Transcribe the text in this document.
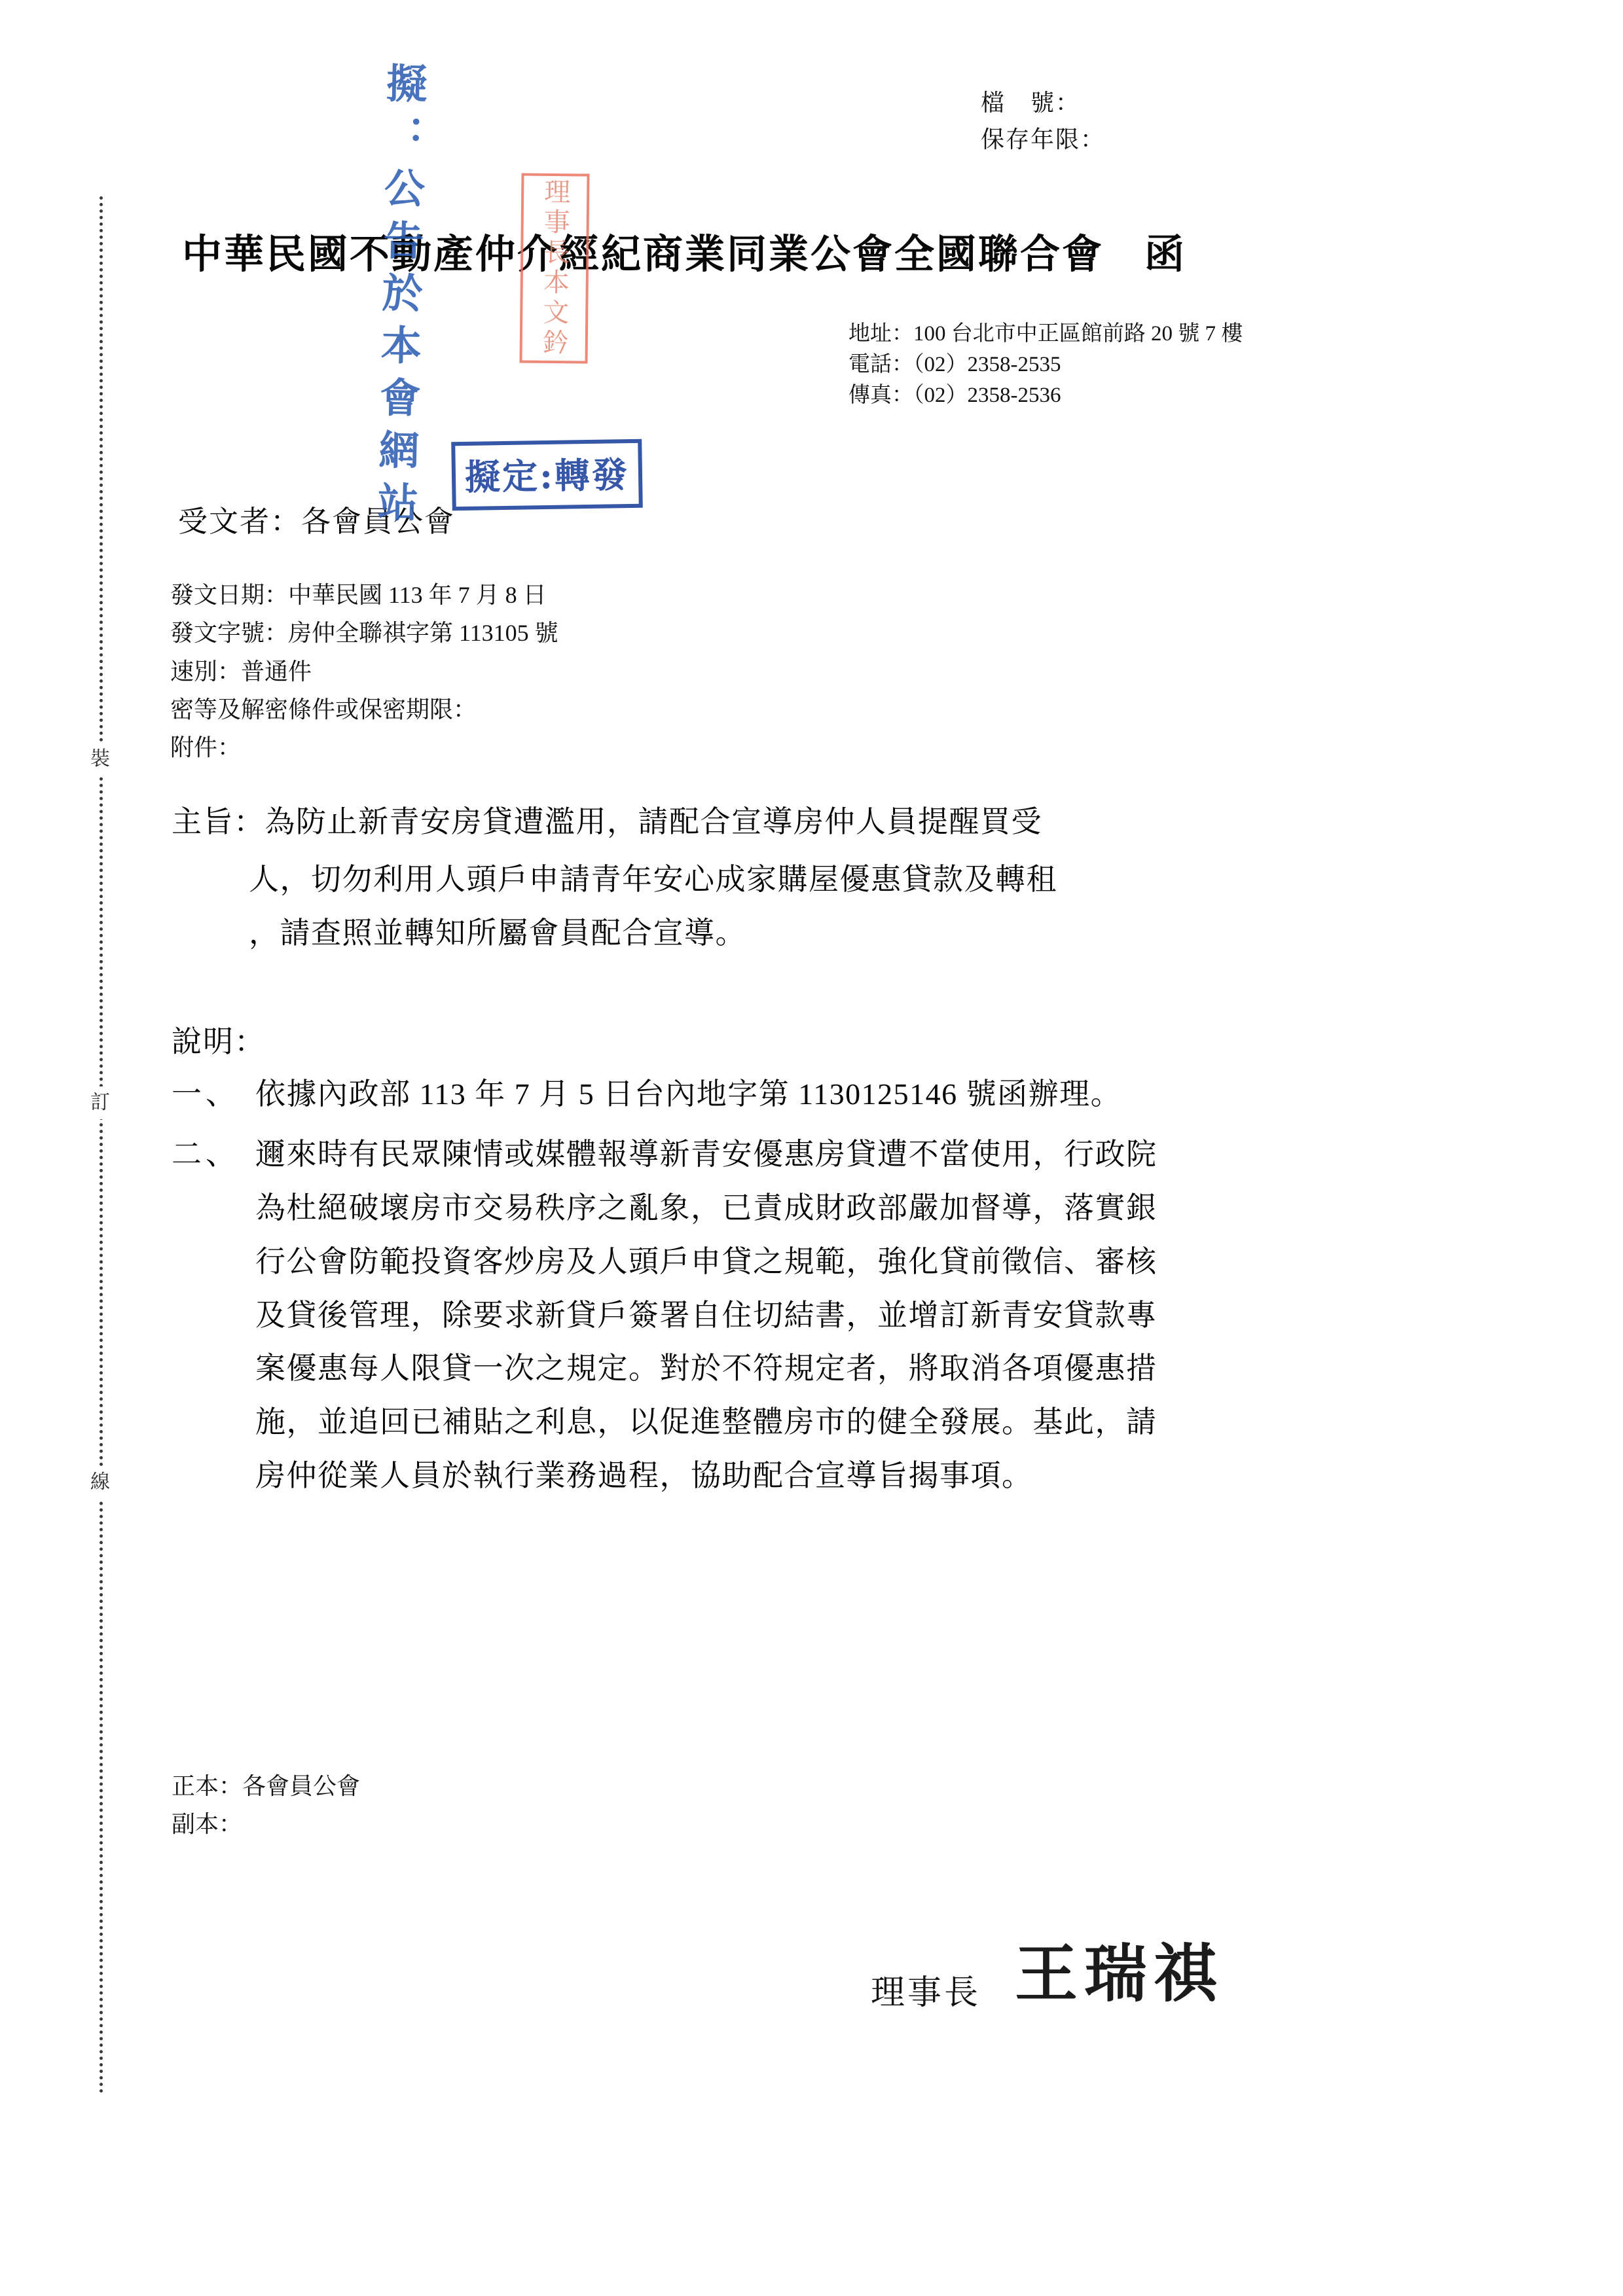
裝
訂
線
檔　號：
保存年限：
中華民國不動產仲介經紀商業同業公會全國聯合會 函
地址：100 台北市中正區館前路 20 號 7 樓
電話：（02）2358-2535
傳真：（02）2358-2536
受文者：各會員公會
發文日期：中華民國 113 年 7 月 8 日
發文字號：房仲全聯祺字第 113105 號
速別：普通件
密等及解密條件或保密期限：
附件：
主旨：為防止新青安房貸遭濫用，請配合宣導房仲人員提醒買受
人，切勿利用人頭戶申請青年安心成家購屋優惠貸款及轉租
，請查照並轉知所屬會員配合宣導。
說明：
一、 依據內政部 113 年 7 月 5 日台內地字第 1130125146 號函辦理。
二、 邇來時有民眾陳情或媒體報導新青安優惠房貸遭不當使用，行政院
為杜絕破壞房市交易秩序之亂象，已責成財政部嚴加督導，落實銀
行公會防範投資客炒房及人頭戶申貸之規範，強化貸前徵信、審核
及貸後管理，除要求新貸戶簽署自住切結書，並增訂新青安貸款專
案優惠每人限貸一次之規定。對於不符規定者，將取消各項優惠措
施，並追回已補貼之利息，以促進整體房市的健全發展。基此，請
房仲從業人員於執行業務過程，協助配合宣導旨揭事項。
正本：各會員公會
副本：
理事長 王瑞祺
擬：公告於本會網站	理事長本文鈐
擬定:轉發
